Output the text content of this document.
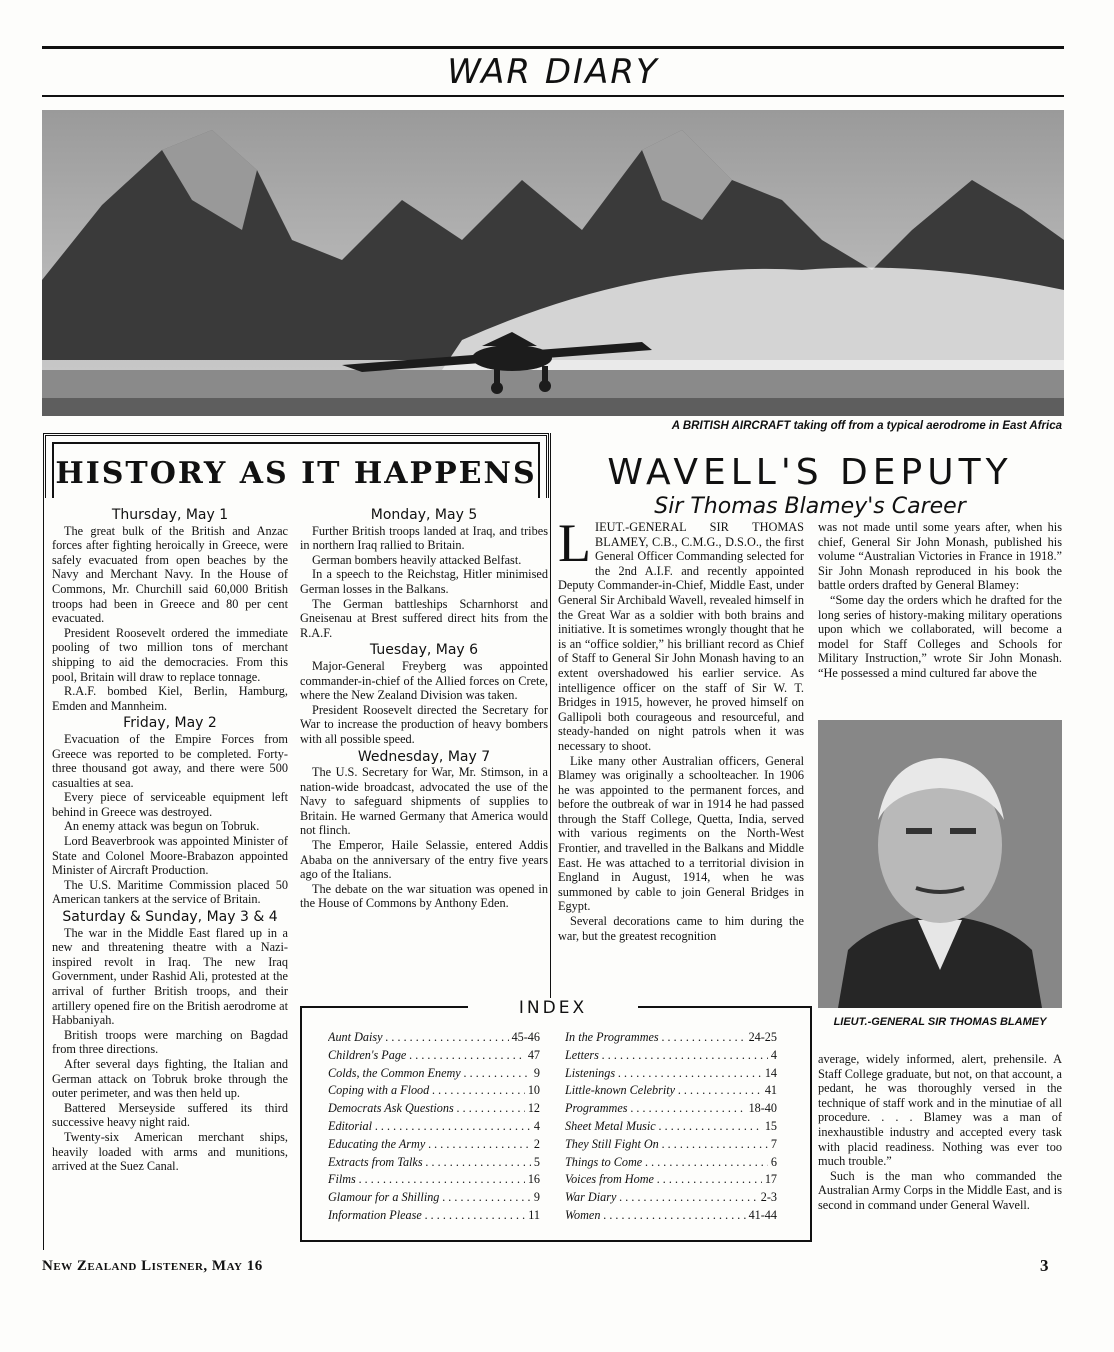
WAR DIARY
A BRITISH AIRCRAFT taking off from a typical aerodrome in East Africa
HISTORY AS IT HAPPENS

Thursday, May 1

The great bulk of the British and Anzac forces after fighting heroically in Greece, were safely evacuated from open beaches by the Navy and Merchant Navy. In the House of Commons, Mr. Churchill said 60,000 British troops had been in Greece and 80 per cent evacuated.

President Roosevelt ordered the immediate pooling of two million tons of merchant shipping to aid the democracies. From this pool, Britain will draw to replace tonnage.

R.A.F. bombed Kiel, Berlin, Hamburg, Emden and Mannheim.

Friday, May 2

Evacuation of the Empire Forces from Greece was reported to be completed. Forty-three thousand got away, and there were 500 casualties at sea.

Every piece of serviceable equipment left behind in Greece was destroyed.

An enemy attack was begun on Tobruk.

Lord Beaverbrook was appointed Minister of State and Colonel Moore-Brabazon appointed Minister of Aircraft Production.

The U.S. Maritime Commission placed 50 American tankers at the service of Britain.

Saturday & Sunday, May 3 & 4

The war in the Middle East flared up in a new and threatening theatre with a Nazi-inspired revolt in Iraq. The new Iraq Government, under Rashid Ali, protested at the arrival of further British troops, and their artillery opened fire on the British aerodrome at Habbaniyah.

British troops were marching on Bagdad from three directions.

After several days fighting, the Italian and German attack on Tobruk broke through the outer perimeter, and was then held up.

Battered Merseyside suffered its third successive heavy night raid.

Twenty-six American merchant ships, heavily loaded with arms and munitions, arrived at the Suez Canal.

Monday, May 5

Further British troops landed at Iraq, and tribes in northern Iraq rallied to Britain.

German bombers heavily attacked Belfast.

In a speech to the Reichstag, Hitler minimised German losses in the Balkans.

The German battleships Scharnhorst and Gneisenau at Brest suffered direct hits from the R.A.F.

Tuesday, May 6

Major-General Freyberg was appointed commander-in-chief of the Allied forces on Crete, where the New Zealand Division was taken.

President Roosevelt directed the Secretary for War to increase the production of heavy bombers with all possible speed.

Wednesday, May 7

The U.S. Secretary for War, Mr. Stimson, in a nation-wide broadcast, advocated the use of the Navy to safeguard shipments of supplies to Britain. He warned Germany that America would not flinch.

The Emperor, Haile Selassie, entered Addis Ababa on the anniversary of the entry five years ago of the Italians.

The debate on the war situation was opened in the House of Commons by Anthony Eden.

WAVELL'S DEPUTY
Sir Thomas Blamey's Career

LIEUT.-GENERAL SIR THOMAS BLAMEY, C.B., C.M.G., D.S.O., the first General Officer Commanding selected for the 2nd A.I.F. and recently appointed Deputy Commander-in-Chief, Middle East, under General Sir Archibald Wavell, revealed himself in the Great War as a soldier with both brains and initiative. It is sometimes wrongly thought that he is an “office soldier,” his brilliant record as Chief of Staff to General Sir John Monash having to an extent overshadowed his earlier service. As intelligence officer on the staff of Sir W. T. Bridges in 1915, however, he proved himself on Gallipoli both courageous and resourceful, and steady-handed on night patrols when it was necessary to shoot.

Like many other Australian officers, General Blamey was originally a schoolteacher. In 1906 he was appointed to the permanent forces, and before the outbreak of war in 1914 he had passed through the Staff College, Quetta, India, served with various regiments on the North-West Frontier, and travelled in the Balkans and Middle East. He was attached to a territorial division in England in August, 1914, when he was summoned by cable to join General Bridges in Egypt.

Several decorations came to him during the war, but the greatest recognition

was not made until some years after, when his chief, General Sir John Monash, published his volume “Australian Victories in France in 1918.” Sir John Monash reproduced in his book the battle orders drafted by General Blamey:

“Some day the orders which he drafted for the long series of history-making military operations upon which we collaborated, will become a model for Staff Colleges and Schools for Military Instruction,” wrote Sir John Monash. “He possessed a mind cultured far above the

LIEUT.-GENERAL SIR THOMAS BLAMEY

average, widely informed, alert, prehensile. A Staff College graduate, but not, on that account, a pedant, he was thoroughly versed in the technique of staff work and in the minutiae of all procedure. . . . Blamey was a man of inexhaustible industry and accepted every task with placid readiness. Nothing was ever too much trouble.”

Such is the man who commanded the Australian Army Corps in the Middle East, and is second in command under General Wavell.

INDEX
Aunt Daisy . . .	45-46
Children's Page . . .	47
Colds, the Common Enemy . . .	9
Coping with a Flood . . .	10
Democrats Ask Questions . . .	12
Editorial . . .	4
Educating the Army . . .	2
Extracts from Talks . . .	5
Films . . .	16
Glamour for a Shilling . . .	9
Information Please . . .	11
In the Programmes . . .	24-25
Letters . . .	4
Listenings . . .	14
Little-known Celebrity . . .	41
Programmes . . .	18-40
Sheet Metal Music . . .	15
They Still Fight On . . .	7
Things to Come . . .	6
Voices from Home . . .	17
War Diary . . .	2-3
Women . . .	41-44
New Zealand Listener, May 16	3
